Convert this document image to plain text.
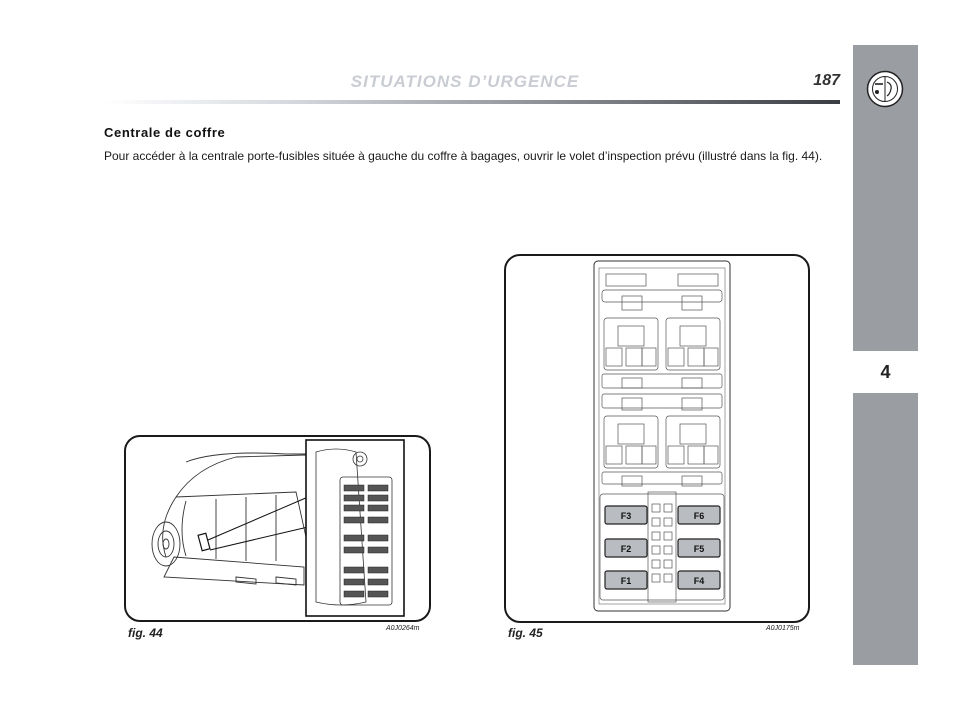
SITUATIONS D’URGENCE	187
4
Centrale de coffre
Pour accéder à la centrale porte-fusibles située à gauche du coffre à bagages, ouvrir le volet d’inspection prévu (illustré dans la fig. 44).
fig. 44	A0J0264m
F3
F2
F1
F6
F5
F4
fig. 45	A0J0175m
